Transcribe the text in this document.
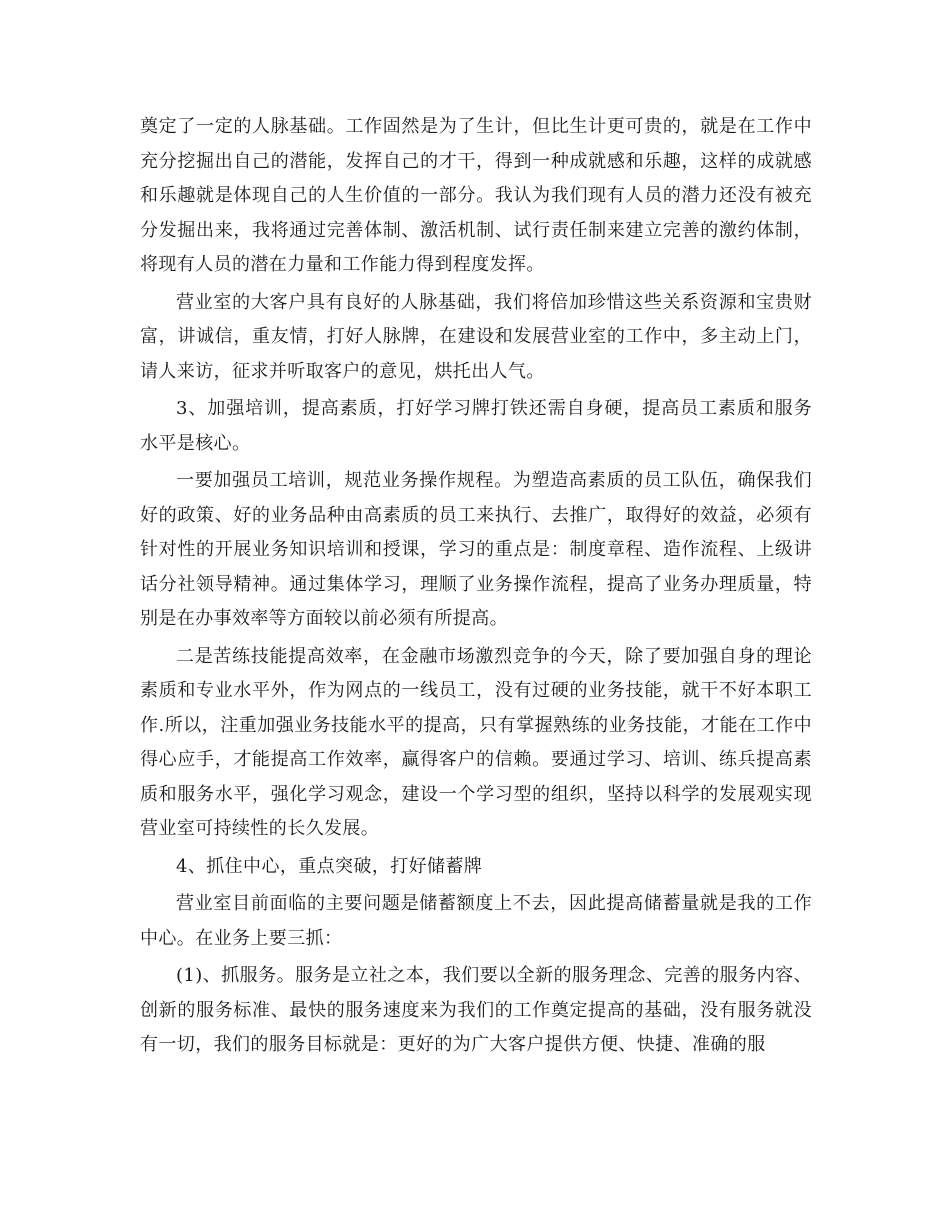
奠定了一定的人脉基础。工作固然是为了生计，但比生计更可贵的，就是在工作中充分挖掘出自己的潜能，发挥自己的才干，得到一种成就感和乐趣，这样的成就感和乐趣就是体现自己的人生价值的一部分。我认为我们现有人员的潜力还没有被充分发掘出来，我将通过完善体制、激活机制、试行责任制来建立完善的激约体制，将现有人员的潜在力量和工作能力得到程度发挥。

营业室的大客户具有良好的人脉基础，我们将倍加珍惜这些关系资源和宝贵财富，讲诚信，重友情，打好人脉牌，在建设和发展营业室的工作中，多主动上门，请人来访，征求并听取客户的意见，烘托出人气。

3、加强培训，提高素质，打好学习牌打铁还需自身硬，提高员工素质和服务水平是核心。

一要加强员工培训，规范业务操作规程。为塑造高素质的员工队伍，确保我们好的政策、好的业务品种由高素质的员工来执行、去推广，取得好的效益，必须有针对性的开展业务知识培训和授课，学习的重点是：制度章程、造作流程、上级讲话分社领导精神。通过集体学习，理顺了业务操作流程，提高了业务办理质量，特别是在办事效率等方面较以前必须有所提高。

二是苦练技能提高效率，在金融市场激烈竞争的今天，除了要加强自身的理论素质和专业水平外，作为网点的一线员工，没有过硬的业务技能，就干不好本职工作.所以，注重加强业务技能水平的提高，只有掌握熟练的业务技能，才能在工作中得心应手，才能提高工作效率，赢得客户的信赖。要通过学习、培训、练兵提高素质和服务水平，强化学习观念，建设一个学习型的组织，坚持以科学的发展观实现营业室可持续性的长久发展。

4、抓住中心，重点突破，打好储蓄牌

营业室目前面临的主要问题是储蓄额度上不去，因此提高储蓄量就是我的工作中心。在业务上要三抓：

(1)、抓服务。服务是立社之本，我们要以全新的服务理念、完善的服务内容、创新的服务标准、最快的服务速度来为我们的工作奠定提高的基础，没有服务就没有一切，我们的服务目标就是：更好的为广大客户提供方便、快捷、准确的服
